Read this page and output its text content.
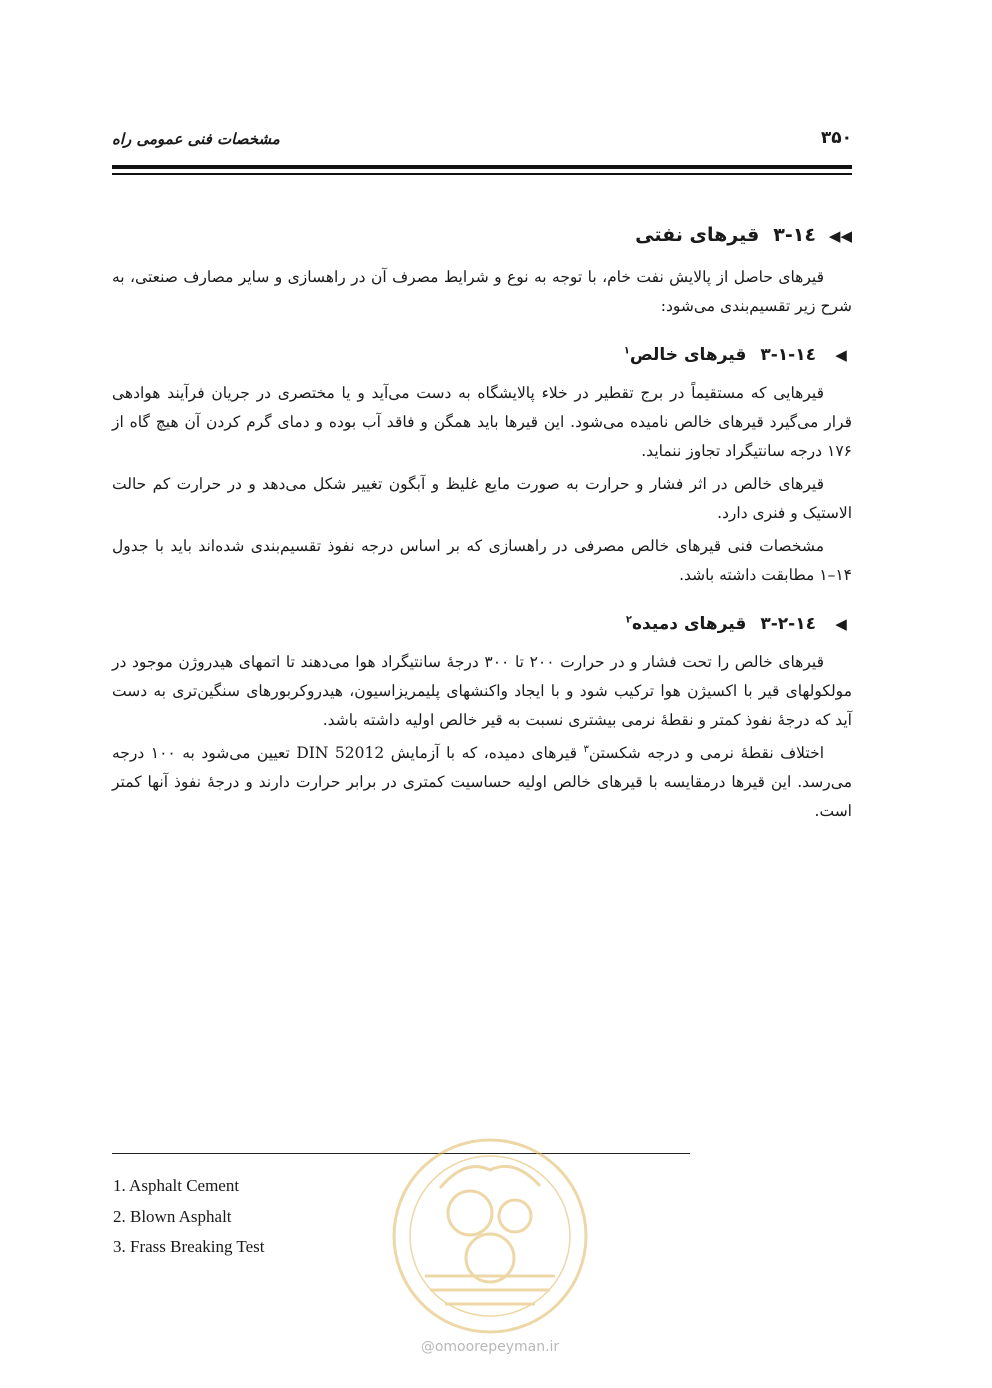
۳۵۰
مشخصات فنی عمومی راه
◀◀
۱٤-۳
قیرهای نفتی

قیرهای حاصل از پالایش نفت خام، با توجه به نوع و شرایط مصرف آن در راهسازی و سایر مصارف صنعتی، به شرح زیر تقسیم‌بندی می‌شود:

◀
۱٤-۳-۱
قیرهای خالص$^۱$

قیرهایی که مستقیماً در برج تقطیر در خلاء پالایشگاه به دست می‌آید و یا مختصری در جریان فرآیند هوادهی قرار می‌گیرد قیرهای خالص نامیده می‌شود. این قیرها باید همگن و فاقد آب بوده و دمای گرم کردن آن هیچ گاه از ۱۷۶ درجه سانتیگراد تجاوز ننماید.

قیرهای خالص در اثر فشار و حرارت به صورت مایع غلیظ و آبگون تغییر شکل می‌دهد و در حرارت کم حالت الاستیک و فنری دارد.

مشخصات فنی قیرهای خالص مصرفی در راهسازی که بر اساس درجه نفوذ تقسیم‌بندی شده‌اند باید با جدول ۱۴–۱ مطابقت داشته باشد.

◀
۱٤-۳-۲
قیرهای دمیده$^۲$

قیرهای خالص را تحت فشار و در حرارت ۲۰۰ تا ۳۰۰ درجهٔ سانتیگراد هوا می‌دهند تا اتمهای هیدروژن موجود در مولکولهای قیر با اکسیژن هوا ترکیب شود و با ایجاد واکنشهای پلیمریزاسیون، هیدروکربورهای سنگین‌تری به دست آید که درجهٔ نفوذ کمتر و نقطهٔ نرمی بیشتری نسبت به قیر خالص اولیه داشته باشد.

اختلاف نقطهٔ نرمی و درجه شکستن$^۳$ قیرهای دمیده، که با آزمایش DIN 52012 تعیین می‌شود به ۱۰۰ درجه می‌رسد. این قیرها درمقایسه با قیرهای خالص اولیه حساسیت کمتری در برابر حرارت دارند و درجهٔ نفوذ آنها کمتر است.

1. Asphalt Cement
2. Blown Asphalt
3. Frass Breaking Test
@omoorepeyman.ir
